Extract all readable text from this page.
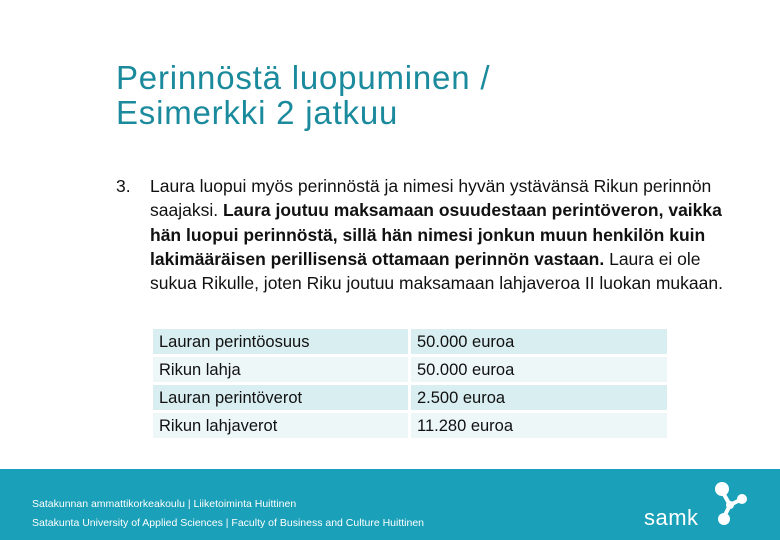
Perinnöstä luopuminen /
Esimerkki 2 jatkuu
3. Laura luopui myös perinnöstä ja nimesi hyvän ystävänsä Rikun perinnön saajaksi. Laura joutuu maksamaan osuudestaan perintöveron, vaikka hän luopui perinnöstä, sillä hän nimesi jonkun muun henkilön kuin lakimääräisen perillisensä ottamaan perinnön vastaan. Laura ei ole sukua Rikulle, joten Riku joutuu maksamaan lahjaveroa II luokan mukaan.
Lauran perintöosuus	50.000 euroa
Rikun lahja	50.000 euroa
Lauran perintöverot	2.500 euroa
Rikun lahjaverot	11.280 euroa
Satakunnan ammattikorkeakoulu | Liiketoiminta Huittinen
Satakunta University of Applied Sciences | Faculty of Business and Culture Huittinen	samk
